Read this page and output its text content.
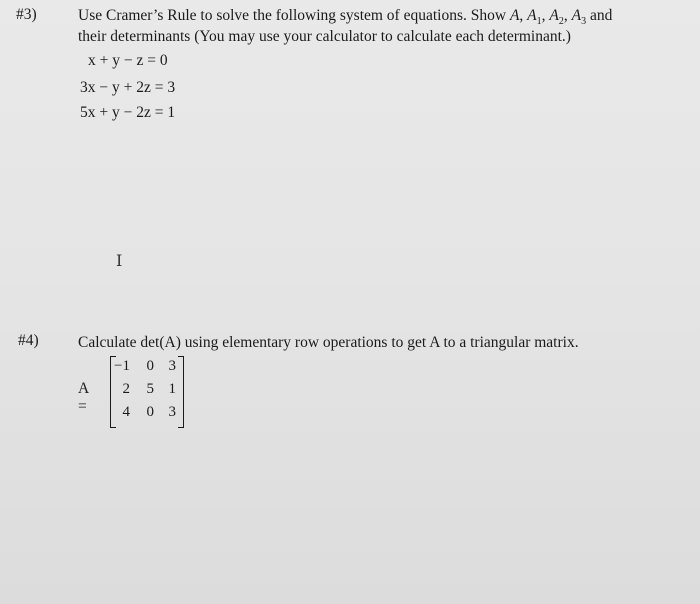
#3)	Use Cramer’s Rule to solve the following system of equations. Show A, $A_1$, $A_2$, $A_3$ and
their determinants (You may use your calculator to calculate each determinant.)
x + y − z = 0
3x − y + 2z = 3
5x + y − 2z = 1
I
#4)	Calculate det(A) using elementary row operations to get A to a triangular matrix.
A =
−1	0 3
2	5 1
4	0 3
